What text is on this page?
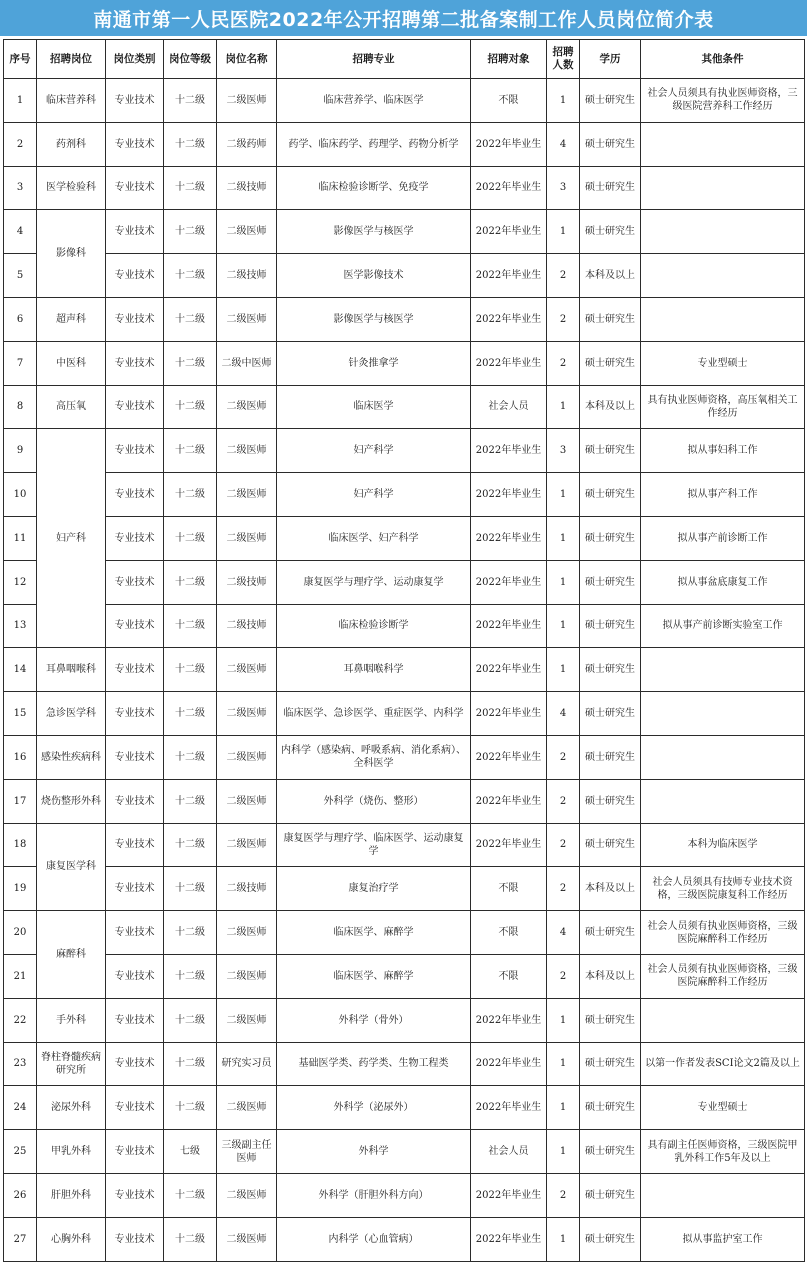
南通市第一人民医院2022年公开招聘第二批备案制工作人员岗位简介表
序号	招聘岗位	岗位类别	岗位等级	岗位名称	招聘专业	招聘对象	招聘人数	学历	其他条件
1	临床营养科	专业技术	十二级	二级医师	临床营养学、临床医学	不限	1	硕士研究生	社会人员须具有执业医师资格，三级医院营养科工作经历
2	药剂科	专业技术	十二级	二级药师	药学、临床药学、药理学、药物分析学	2022年毕业生	4	硕士研究生	
3	医学检验科	专业技术	十二级	二级技师	临床检验诊断学、免疫学	2022年毕业生	3	硕士研究生	
4	影像科	专业技术	十二级	二级医师	影像医学与核医学	2022年毕业生	1	硕士研究生	
5		专业技术	十二级	二级技师	医学影像技术	2022年毕业生	2	本科及以上	
6	超声科	专业技术	十二级	二级医师	影像医学与核医学	2022年毕业生	2	硕士研究生	
7	中医科	专业技术	十二级	二级中医师	针灸推拿学	2022年毕业生	2	硕士研究生	专业型硕士
8	高压氧	专业技术	十二级	二级医师	临床医学	社会人员	1	本科及以上	具有执业医师资格，高压氧相关工作经历
9	妇产科	专业技术	十二级	二级医师	妇产科学	2022年毕业生	3	硕士研究生	拟从事妇科工作
10		专业技术	十二级	二级医师	妇产科学	2022年毕业生	1	硕士研究生	拟从事产科工作
11		专业技术	十二级	二级医师	临床医学、妇产科学	2022年毕业生	1	硕士研究生	拟从事产前诊断工作
12		专业技术	十二级	二级技师	康复医学与理疗学、运动康复学	2022年毕业生	1	硕士研究生	拟从事盆底康复工作
13		专业技术	十二级	二级技师	临床检验诊断学	2022年毕业生	1	硕士研究生	拟从事产前诊断实验室工作
14	耳鼻咽喉科	专业技术	十二级	二级医师	耳鼻咽喉科学	2022年毕业生	1	硕士研究生	
15	急诊医学科	专业技术	十二级	二级医师	临床医学、急诊医学、重症医学、内科学	2022年毕业生	4	硕士研究生	
16	感染性疾病科	专业技术	十二级	二级医师	内科学（感染病、呼吸系病、消化系病）、全科医学	2022年毕业生	2	硕士研究生	
17	烧伤整形外科	专业技术	十二级	二级医师	外科学（烧伤、整形）	2022年毕业生	2	硕士研究生	
18	康复医学科	专业技术	十二级	二级医师	康复医学与理疗学、临床医学、运动康复学	2022年毕业生	2	硕士研究生	本科为临床医学
19		专业技术	十二级	二级技师	康复治疗学	不限	2	本科及以上	社会人员须具有技师专业技术资格，三级医院康复科工作经历
20	麻醉科	专业技术	十二级	二级医师	临床医学、麻醉学	不限	4	硕士研究生	社会人员须有执业医师资格，三级医院麻醉科工作经历
21		专业技术	十二级	二级医师	临床医学、麻醉学	不限	2	本科及以上	社会人员须有执业医师资格，三级医院麻醉科工作经历
22	手外科	专业技术	十二级	二级医师	外科学（骨外）	2022年毕业生	1	硕士研究生	
23	脊柱脊髓疾病研究所	专业技术	十二级	研究实习员	基础医学类、药学类、生物工程类	2022年毕业生	1	硕士研究生	以第一作者发表SCI论文2篇及以上
24	泌尿外科	专业技术	十二级	二级医师	外科学（泌尿外）	2022年毕业生	1	硕士研究生	专业型硕士
25	甲乳外科	专业技术	七级	三级副主任医师	外科学	社会人员	1	硕士研究生	具有副主任医师资格，三级医院甲乳外科工作5年及以上
26	肝胆外科	专业技术	十二级	二级医师	外科学（肝胆外科方向）	2022年毕业生	2	硕士研究生	
27	心胸外科	专业技术	十二级	二级医师	内科学（心血管病）	2022年毕业生	1	硕士研究生	拟从事监护室工作
